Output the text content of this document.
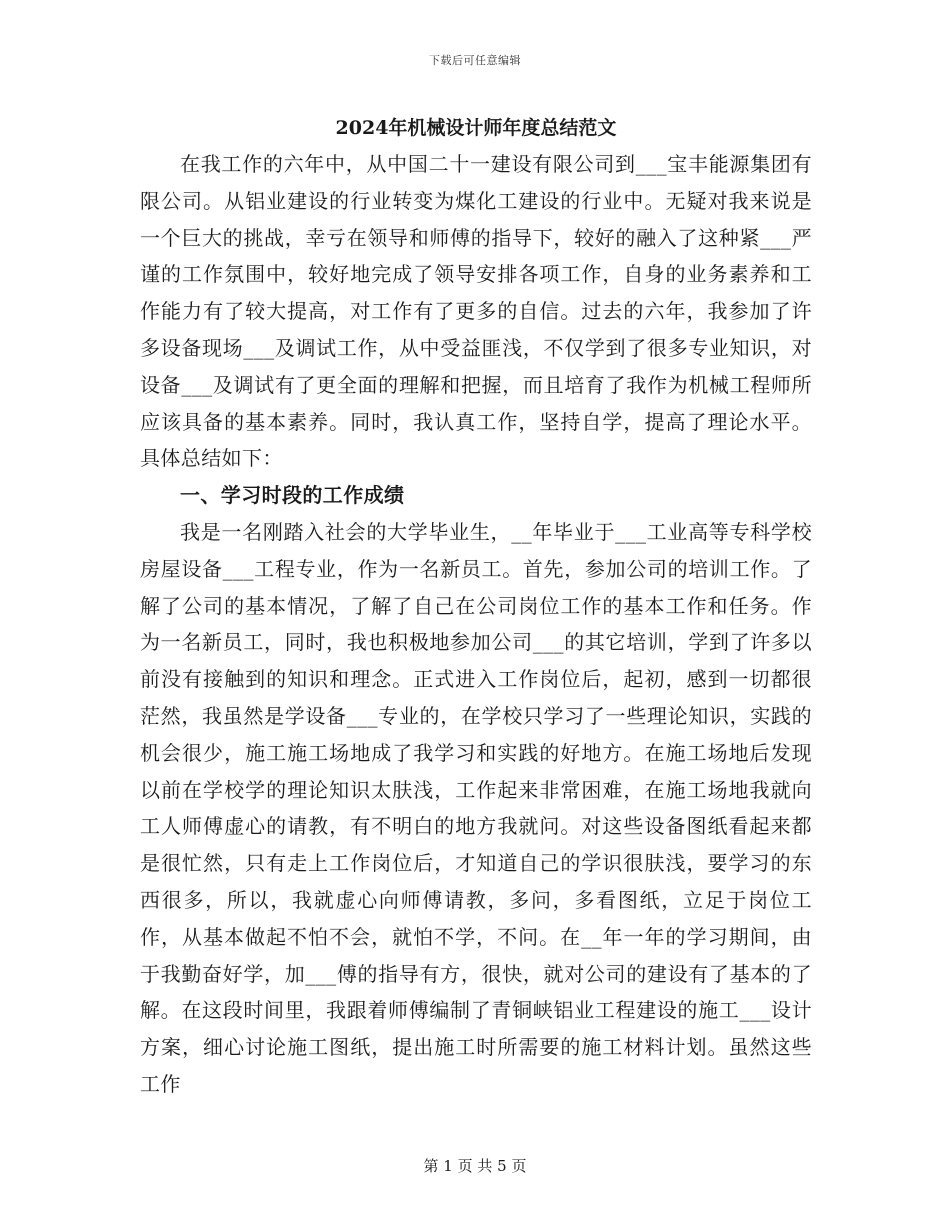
下载后可任意编辑
2024年机械设计师年度总结范文

在我工作的六年中，从中国二十一建设有限公司到___宝丰能源集团有限公司。从铝业建设的行业转变为煤化工建设的行业中。无疑对我来说是一个巨大的挑战，幸亏在领导和师傅的指导下，较好的融入了这种紧___严谨的工作氛围中，较好地完成了领导安排各项工作，自身的业务素养和工作能力有了较大提高，对工作有了更多的自信。过去的六年，我参加了许多设备现场___及调试工作，从中受益匪浅，不仅学到了很多专业知识，对设备___及调试有了更全面的理解和把握，而且培育了我作为机械工程师所应该具备的基本素养。同时，我认真工作，坚持自学，提高了理论水平。具体总结如下：

一、学习时段的工作成绩

我是一名刚踏入社会的大学毕业生，__年毕业于___工业高等专科学校房屋设备___工程专业，作为一名新员工。首先，参加公司的培训工作。了解了公司的基本情况，了解了自己在公司岗位工作的基本工作和任务。作为一名新员工，同时，我也积极地参加公司___的其它培训，学到了许多以前没有接触到的知识和理念。正式进入工作岗位后，起初，感到一切都很茫然，我虽然是学设备___专业的，在学校只学习了一些理论知识，实践的机会很少，施工施工场地成了我学习和实践的好地方。在施工场地后发现以前在学校学的理论知识太肤浅，工作起来非常困难，在施工场地我就向工人师傅虚心的请教，有不明白的地方我就问。对这些设备图纸看起来都是很忙然，只有走上工作岗位后，才知道自己的学识很肤浅，要学习的东西很多，所以，我就虚心向师傅请教，多问，多看图纸，立足于岗位工作，从基本做起不怕不会，就怕不学，不问。在__年一年的学习期间，由于我勤奋好学，加___傅的指导有方，很快，就对公司的建设有了基本的了解。在这段时间里，我跟着师傅编制了青铜峡铝业工程建设的施工___设计方案，细心讨论施工图纸，提出施工时所需要的施工材料计划。虽然这些工作

第 1 页 共 5 页
